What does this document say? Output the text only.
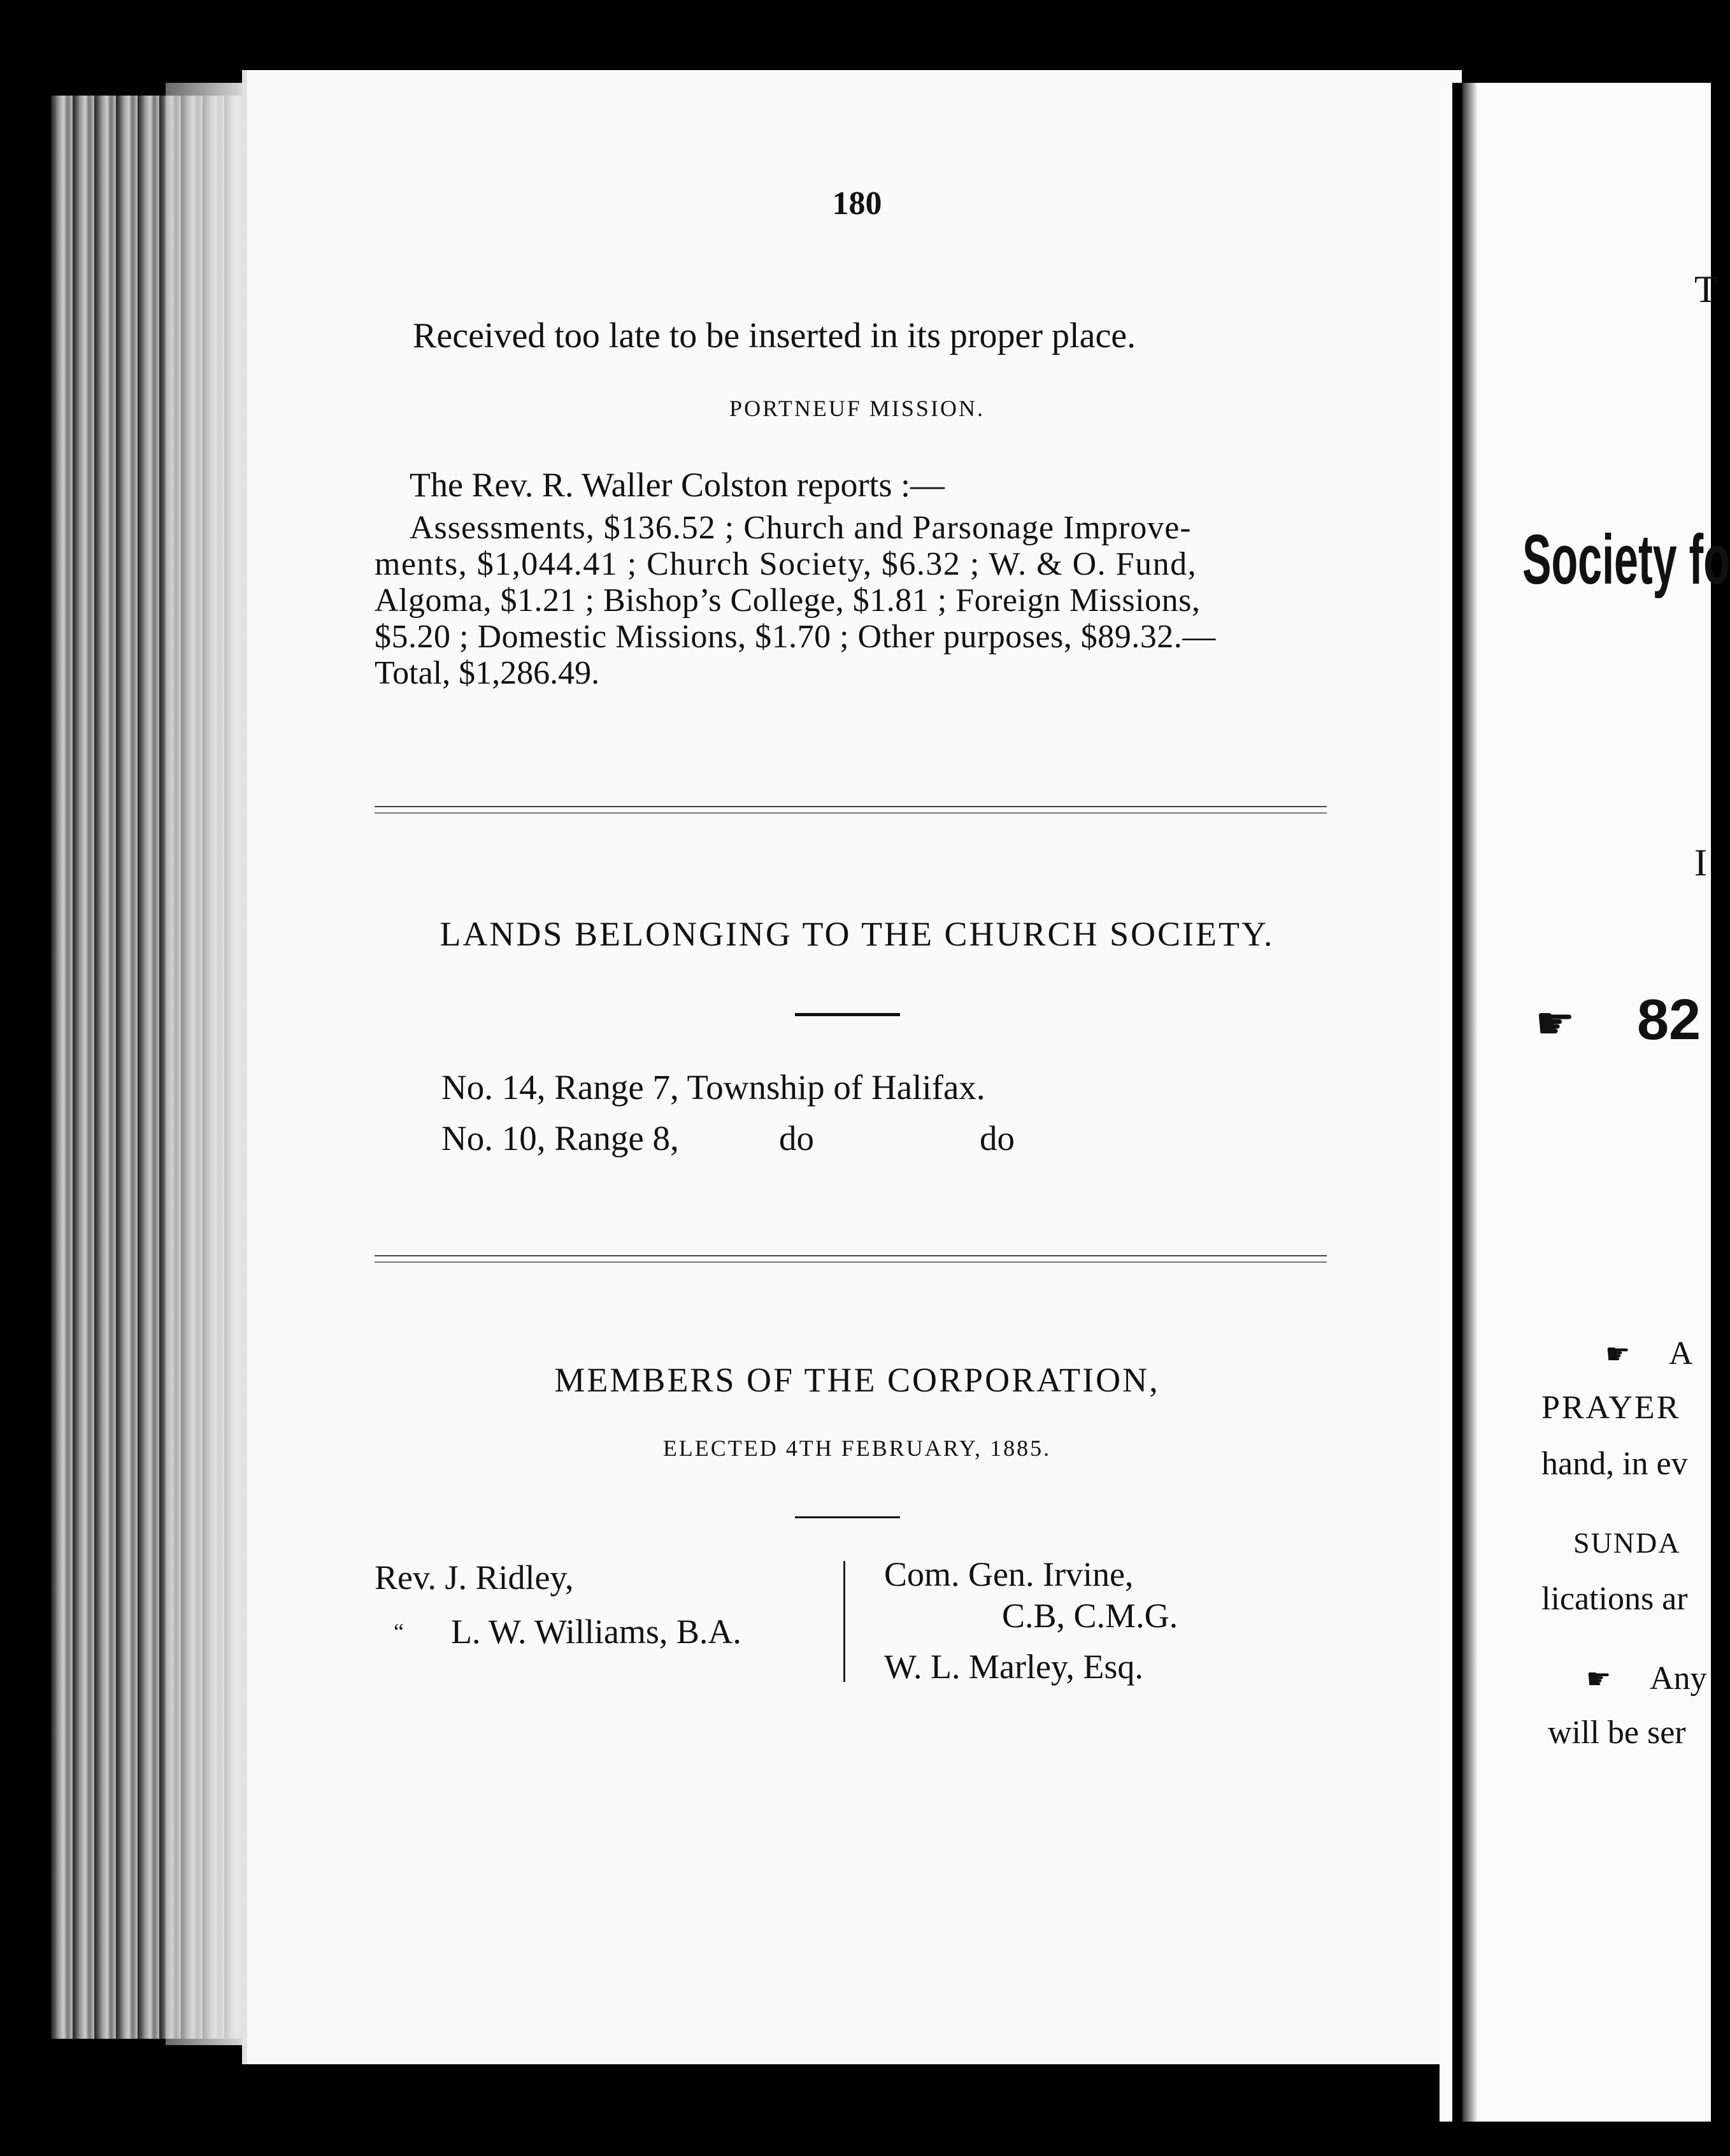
180
Received too late to be inserted in its proper place.
PORTNEUF MISSION.
The Rev. R. Waller Colston reports :—
Assessments, $136.52 ; Church and Parsonage Improve-
ments, $1,044.41 ; Church Society, $6.32 ; W. & O. Fund,
Algoma, $1.21 ; Bishop’s College, $1.81 ; Foreign Missions,
$5.20 ; Domestic Missions, $1.70 ; Other purposes, $89.32.—
Total, $1,286.49.
LANDS BELONGING TO THE CHURCH SOCIETY.
No. 14, Range 7, Township of Halifax.
No. 10, Range 8,	do	do
MEMBERS OF THE CORPORATION,
ELECTED 4TH FEBRUARY, 1885.
Rev. J. Ridley,
“ L. W. Williams, B.A.
Com. Gen. Irvine,
C.B, C.M.G.
W. L. Marley, Esq.
T
Society fo
I
☛ 82
☛ A
PRAYER
hand, in ev
SUNDA
lications ar
☛ Any
will be ser
